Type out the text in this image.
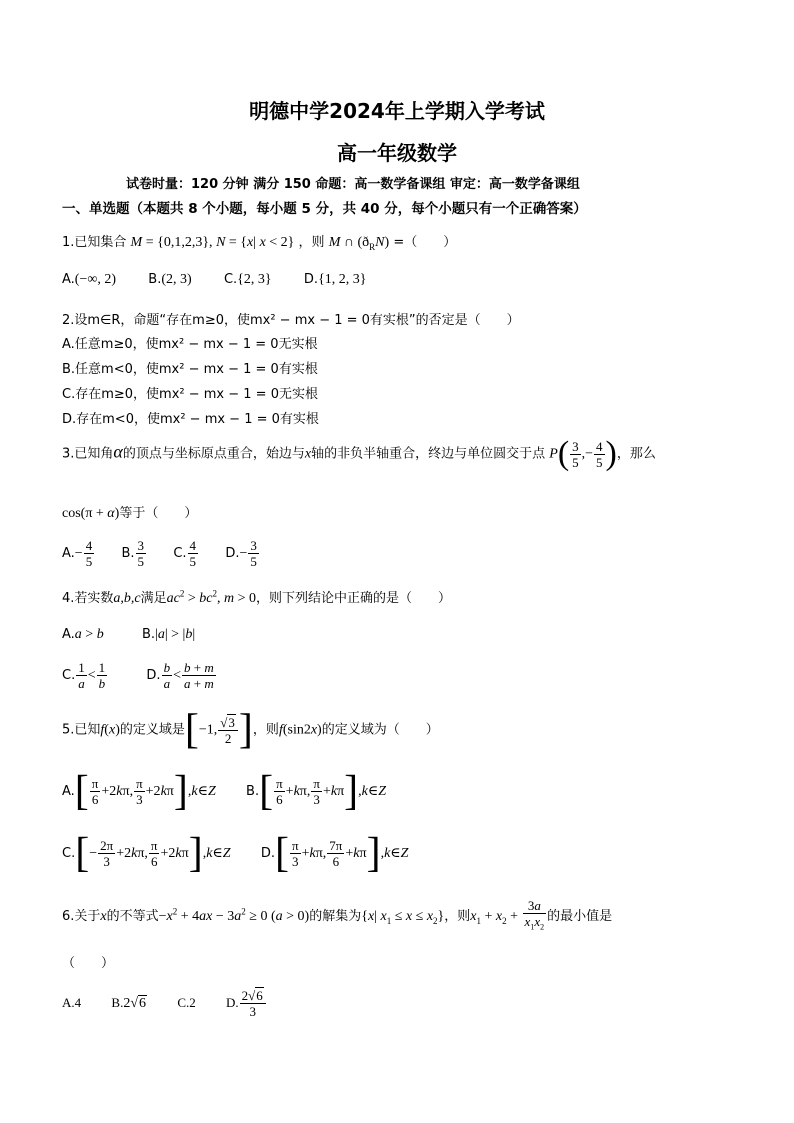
明德中学2024年上学期入学考试
高一年级数学
试卷时量：120 分钟 满分 150 命题：高一数学备课组 审定：高一数学备课组
一、单选题（本题共 8 个小题，每小题 5 分，共 40 分，每个小题只有一个正确答案）
1.已知集合 M = {0,1,2,3}, N = {x| x < 2} ，则 M ∩ $(ð_RN)$ =（　　）
A.(−∞, 2) B.(2, 3) C.{2, 3} D.{1, 2, 3}
2.设m∈R，命题“存在m≥0，使mx² − mx − 1 = 0有实根”的否定是（　　）
A.任意m≥0，使mx² − mx − 1 = 0无实根
B.任意m<0，使mx² − mx − 1 = 0有实根
C.存在m≥0，使mx² − mx − 1 = 0无实根
D.存在m<0，使mx² − mx − 1 = 0有实根
3.已知角α的顶点与坐标原点重合，始边与x轴的非负半轴重合，终边与单位圆交于点 $P( \frac{3}{5}$ ,− $\frac{4}{5}$ )，那么
cos(π + α)等于（　　）
$A.- \frac{4}{5} B$. $\frac{3}{5} C$. $\frac{4}{5} D.- \frac{3}{5}$
4.若实数a,b,c满足$ac^2 > bc^2$, m > 0，则下列结论中正确的是（　　）
A.a > b	B.|a| > |b|
C. $\frac{1}{a} < \frac{1}{b}$	D. $\frac{b}{a} < \frac{b + m}{a + m}$
5.已知f(x)的定义域是[−1, $\frac{√3}{2}$ ]，则f(sin2x)的定义域为（　　）
$A.[ \frac{\pi}{6} +2k\pi$, $\frac{\pi}{3}$ +2kπ],k∈Z $B.[ \frac{\pi}{6} +k\pi$, $\frac{\pi}{3}$ +kπ],k∈Z
$C.[- \frac{2\pi}{3} +2k\pi$, $\frac{\pi}{6}$ +2kπ],k∈Z $D.[ \frac{\pi}{3} +k\pi$, $\frac{7\pi}{6}$ +kπ],k∈Z
6.关于x的不等式$-x^2 + 4ax - 3a^2 \ge 0$ (a > 0)的解集为{x| $x_1 \le x \le x_2$}，则$x_1 + x_2 + \frac{3a}{x_1x_2}$ 的最小值是
（　　）
A.4 B.2√6 C.2 D. $\frac{2√6}{3}$
